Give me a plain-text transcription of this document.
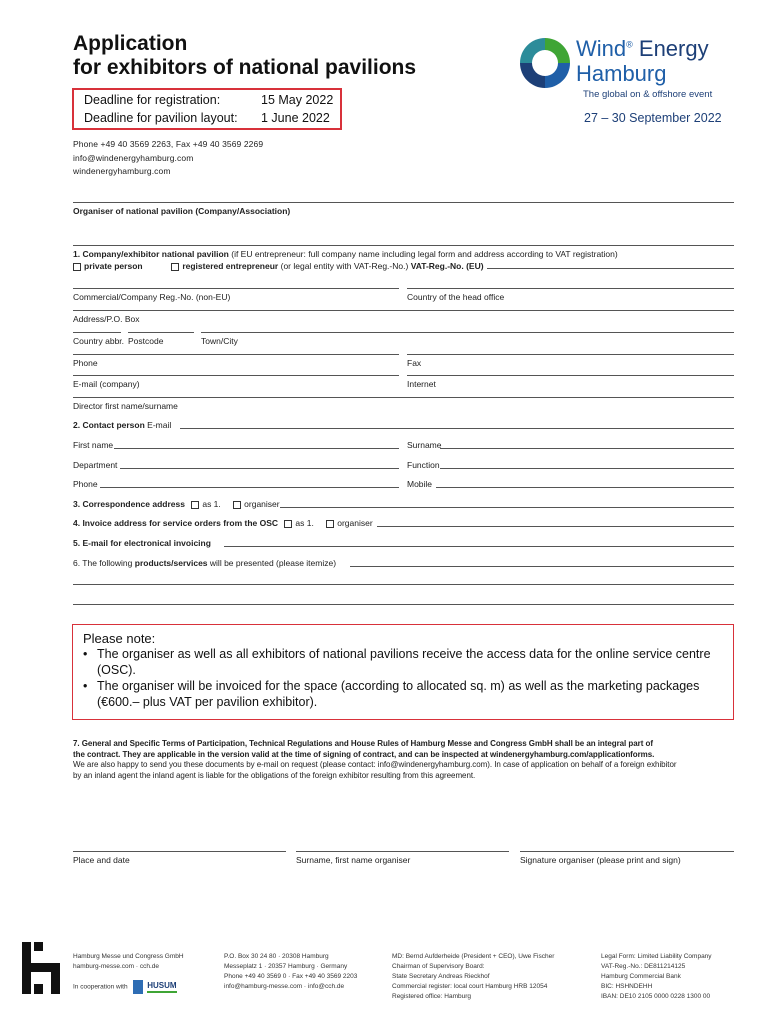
Application
for exhibitors of national pavilions
Deadline for registration:	15 May 2022
Deadline for pavilion layout: 1 June 2022
Phone +49 40 3569 2263, Fax +49 40 3569 2269
info@windenergyhamburg.com
windenergyhamburg.com
Wind® Energy
Hamburg
The global on & offshore event
27 – 30 September 2022
Organiser of national pavilion (Company/Association)
1. Company/exhibitor national pavilion (if EU entrepreneur: full company name including legal form and address according to VAT registration)
private person	registered entrepreneur (or legal entity with VAT-Reg.-No.) VAT-Reg.-No. (EU)
Commercial/Company Reg.-No. (non-EU)	Country of the head office
Address/P.O. Box
Country abbr. Postcode	Town/City
Phone	Fax
E-mail (company)	Internet
Director first name/surname
2. Contact person E-mail
First name	Surname
Department	Function
Phone	Mobile
3. Correspondence address as 1.	organiser
4. Invoice address for service orders from the OSC as 1.	organiser
5. E-mail for electronical invoicing
6. The following products/services will be presented (please itemize)
Please note:
• The organiser as well as all exhibitors of national pavilions receive the access data for the online service centre (OSC).
• The organiser will be invoiced for the space (according to allocated sq. m) as well as the marketing packages (€600.– plus VAT per pavilion exhibitor).
7. General and Specific Terms of Participation, Technical Regulations and House Rules of Hamburg Messe and Congress GmbH shall be an integral part of
the contract. They are applicable in the version valid at the time of signing of contract, and can be inspected at windenergyhamburg.com/applicationforms.
We are also happy to send you these documents by e-mail on request (please contact: info@windenergyhamburg.com). In case of application on behalf of a foreign exhibitor
by an inland agent the inland agent is liable for the obligations of the foreign exhibitor resulting from this agreement.
Place and date	Surname, first name organiser	Signature organiser (please print and sign)
Hamburg Messe und Congress GmbH
hamburg-messe.com · cch.de
In cooperation with HUSUM
P.O. Box 30 24 80 · 20308 Hamburg
Messeplatz 1 · 20357 Hamburg · Germany
Phone +49 40 3569 0 · Fax +49 40 3569 2203
info@hamburg-messe.com · info@cch.de
MD: Bernd Aufderheide (President + CEO), Uwe Fischer
Chairman of Supervisory Board:
State Secretary Andreas Rieckhof
Commercial register: local court Hamburg HRB 12054
Registered office: Hamburg
Legal Form: Limited Liability Company
VAT-Reg.-No.: DE811214125
Hamburg Commercial Bank
BIC: HSHNDEHH
IBAN: DE10 2105 0000 0228 1300 00
